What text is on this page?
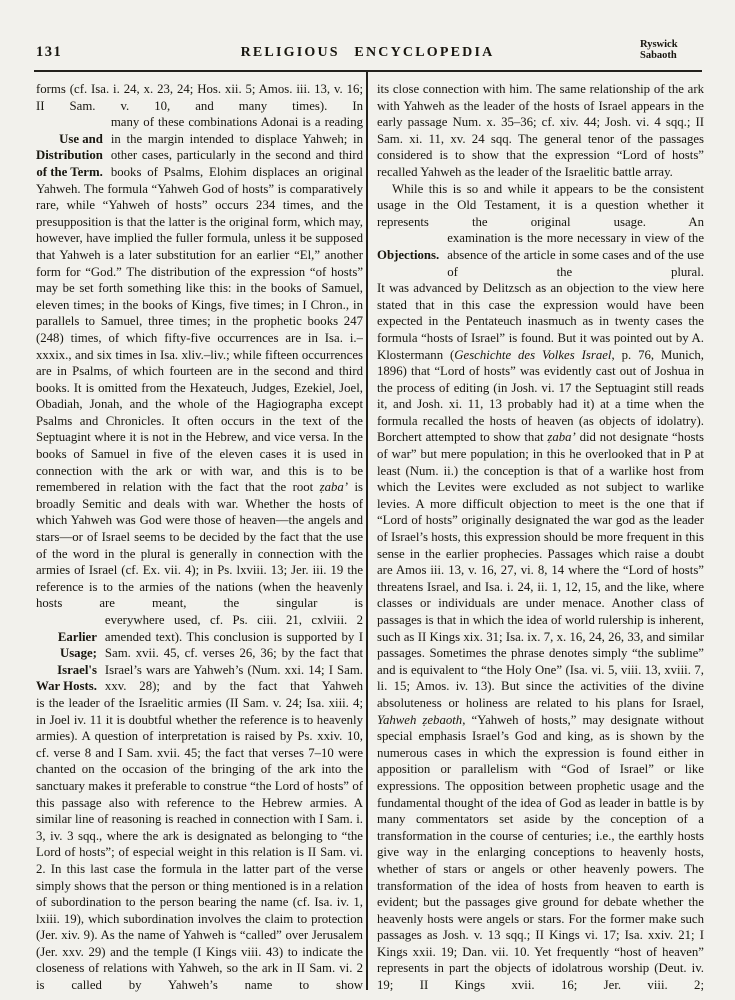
131	RELIGIOUS ENCYCLOPEDIA
Ryswick
Sabaoth
forms (cf. Isa. i. 24, x. 23, 24; Hos. xii. 5; Amos. iii. 13, v. 16; II Sam. v. 10, and many times). In
Use and
Distribution
of the Term.
many of these combinations Adonai is a reading in the margin intended to displace Yahweh; in other cases, particularly in the second and third books of Psalms, Elohim displaces an original
Yahweh. The formula “Yahweh God of hosts” is comparatively rare, while “Yahweh of hosts” occurs 234 times, and the presupposition is that the latter is the original form, which may, however, have implied the fuller formula, unless it be supposed that Yahweh is a later substitution for an earlier “El,” another form for “God.” The distribution of the expression “of hosts” may be set forth something like this: in the books of Samuel, eleven times; in the books of Kings, five times; in I Chron., in parallels to Samuel, three times; in the prophetic books 247 (248) times, of which fifty-five occurrences are in Isa. i.–xxxix., and six times in Isa. xliv.–liv.; while fifteen occurrences are in Psalms, of which fourteen are in the second and third books. It is omitted from the Hexateuch, Judges, Ezekiel, Joel, Obadiah, Jonah, and the whole of the Hagiographa except Psalms and Chronicles. It often occurs in the text of the Septuagint where it is not in the Hebrew, and vice versa. In the books of Samuel in five of the eleven cases it is used in connection with the ark or with war, and this is to be remembered in relation with the fact that the root ẓaba’ is broadly Semitic and deals with war. Whether the hosts of which Yahweh was God were those of heaven—the angels and stars—or of Israel seems to be decided by the fact that the use of the word in the plural is generally in connection with the armies of Israel (cf. Ex. vii. 4); in Ps. lxviii. 13; Jer. iii. 19 the reference is to the armies of the nations (when the heavenly hosts are meant, the singular is
Earlier
Usage;
Israel's
War Hosts.
everywhere used, cf. Ps. ciii. 21, cxlviii. 2 amended text). This conclusion is supported by I Sam. xvii. 45, cf. verses 26, 36; by the fact that Israel’s wars are Yahweh’s (Num. xxi. 14; I Sam. xxv. 28); and by the fact that Yahweh
is the leader of the Israelitic armies (II Sam. v. 24; Isa. xiii. 4; in Joel iv. 11 it is doubtful whether the reference is to heavenly armies). A question of interpretation is raised by Ps. xxiv. 10, cf. verse 8 and I Sam. xvii. 45; the fact that verses 7–10 were chanted on the occasion of the bringing of the ark into the sanctuary makes it preferable to construe “the Lord of hosts” of this passage also with reference to the Hebrew armies. A similar line of reasoning is reached in connection with I Sam. i. 3, iv. 3 sqq., where the ark is designated as belonging to “the Lord of hosts”; of especial weight in this relation is II Sam. vi. 2. In this last case the formula in the latter part of the verse simply shows that the person or thing mentioned is in a relation of subordination to the person bearing the name (cf. Isa. iv. 1, lxiii. 19), which subordination involves the claim to protection (Jer. xiv. 9). As the name of Yahweh is “called” over Jerusalem (Jer. xxv. 29) and the temple (I Kings viii. 43) to indicate the closeness of relations with Yahweh, so the ark in II Sam. vi. 2 is called by Yahweh’s name to show
its close connection with him. The same relationship of the ark with Yahweh as the leader of the hosts of Israel appears in the early passage Num. x. 35–36; cf. xiv. 44; Josh. vi. 4 sqq.; II Sam. xi. 11, xv. 24 sqq. The general tenor of the passages considered is to show that the expression “Lord of hosts” recalled Yahweh as the leader of the Israelitic battle array.
While this is so and while it appears to be the consistent usage in the Old Testament, it is a question whether it represents the original usage. An
Objections.
examination is the more necessary in view of the absence of the article in some cases and of the use of the plural.
It was advanced by Delitzsch as an objection to the view here stated that in this case the expression would have been expected in the Pentateuch inasmuch as in twenty cases the formula “hosts of Israel” is found. But it was pointed out by A. Klostermann (Geschichte des Volkes Israel, p. 76, Munich, 1896) that “Lord of hosts” was evidently cast out of Joshua in the process of editing (in Josh. vi. 17 the Septuagint still reads it, and Josh. xi. 11, 13 probably had it) at a time when the formula recalled the hosts of heaven (as objects of idolatry). Borchert attempted to show that ẓaba’ did not designate “hosts of war” but mere population; in this he overlooked that in P at least (Num. ii.) the conception is that of a warlike host from which the Levites were excluded as not subject to warlike levies. A more difficult objection to meet is the one that if “Lord of hosts” originally designated the war god as the leader of Israel’s hosts, this expression should be more frequent in this sense in the earlier prophecies. Passages which raise a doubt are Amos iii. 13, v. 16, 27, vi. 8, 14 where the “Lord of hosts” threatens Israel, and Isa. i. 24, ii. 1, 12, 15, and the like, where classes or individuals are under menace. Another class of passages is that in which the idea of world rulership is inherent, such as II Kings xix. 31; Isa. ix. 7, x. 16, 24, 26, 33, and similar passages. Sometimes the phrase denotes simply “the sublime” and is equivalent to “the Holy One” (Isa. vi. 5, viii. 13, xviii. 7, li. 15; Amos. iv. 13). But since the activities of the divine absoluteness or holiness are related to his plans for Israel, Yahweh ẓebaoth, “Yahweh of hosts,” may designate without special emphasis Israel’s God and king, as is shown by the numerous cases in which the expression is found either in apposition or parallelism with “God of Israel” or like expressions. The opposition between prophetic usage and the fundamental thought of the idea of God as leader in battle is by many commentators set aside by the conception of a transformation in the course of centuries; i.e., the earthly hosts give way in the enlarging conceptions to heavenly hosts, whether of stars or angels or other heavenly powers. The transformation of the idea of hosts from heaven to earth is evident; but the passages give ground for debate whether the heavenly hosts were angels or stars. For the former make such passages as Josh. v. 13 sqq.; II Kings vi. 17; Isa. xxiv. 21; I Kings xxii. 19; Dan. vii. 10. Yet frequently “host of heaven” represents in part the objects of idolatrous worship (Deut. iv. 19; II Kings xvii. 16; Jer. viii. 2;
